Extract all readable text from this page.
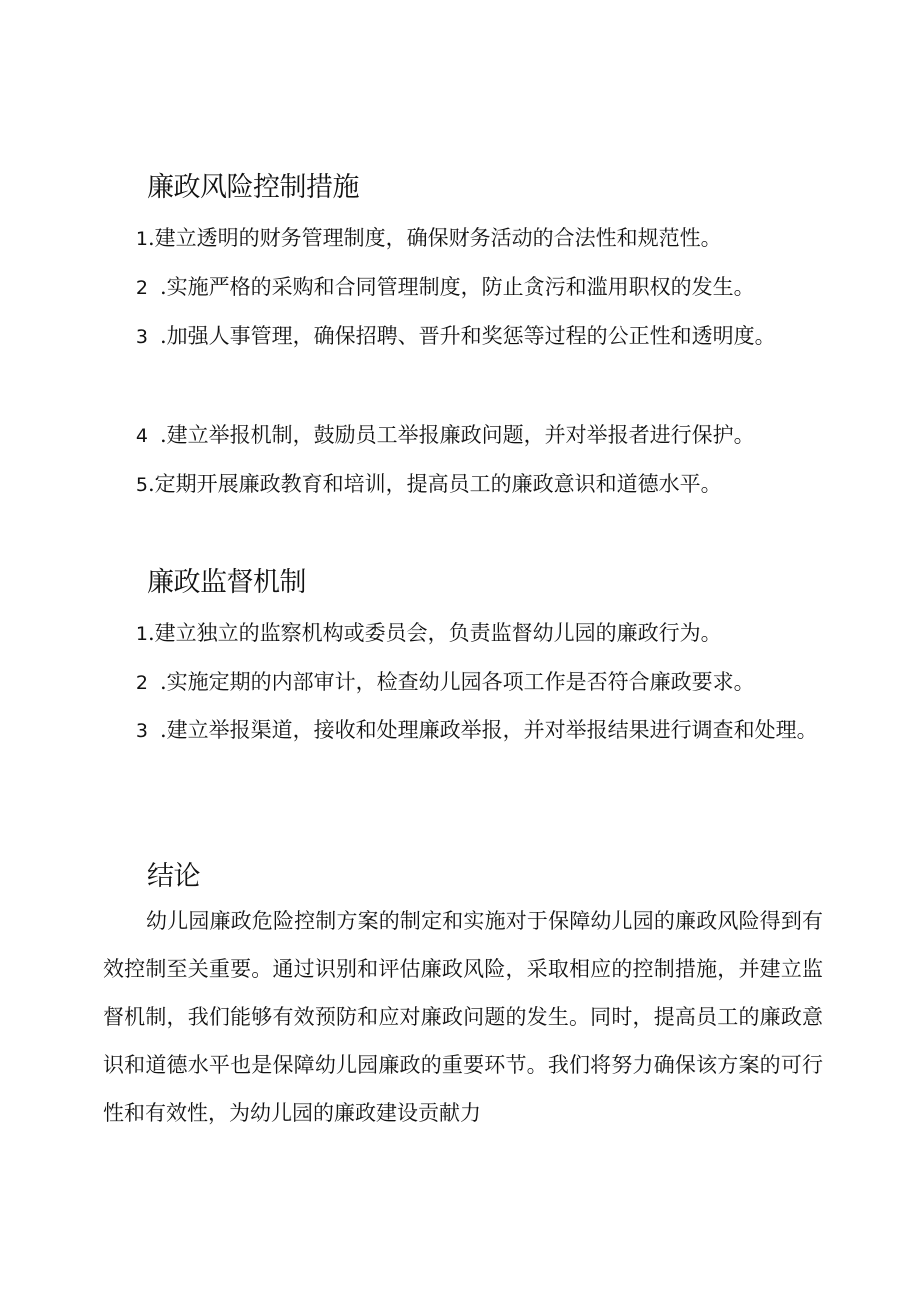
廉政风险控制措施

1.建立透明的财务管理制度，确保财务活动的合法性和规范性。

2 .实施严格的采购和合同管理制度，防止贪污和滥用职权的发生。

3 .加强人事管理，确保招聘、晋升和奖惩等过程的公正性和透明度。

4 .建立举报机制，鼓励员工举报廉政问题，并对举报者进行保护。

5.定期开展廉政教育和培训，提高员工的廉政意识和道德水平。

廉政监督机制

1.建立独立的监察机构或委员会，负责监督幼儿园的廉政行为。

2 .实施定期的内部审计，检查幼儿园各项工作是否符合廉政要求。

3 .建立举报渠道，接收和处理廉政举报，并对举报结果进行调查和处理。

结论

幼儿园廉政危险控制方案的制定和实施对于保障幼儿园的廉政风险得到有效控制至关重要。通过识别和评估廉政风险，采取相应的控制措施，并建立监督机制，我们能够有效预防和应对廉政问题的发生。同时，提高员工的廉政意识和道德水平也是保障幼儿园廉政的重要环节。我们将努力确保该方案的可行性和有效性，为幼儿园的廉政建设贡献力
